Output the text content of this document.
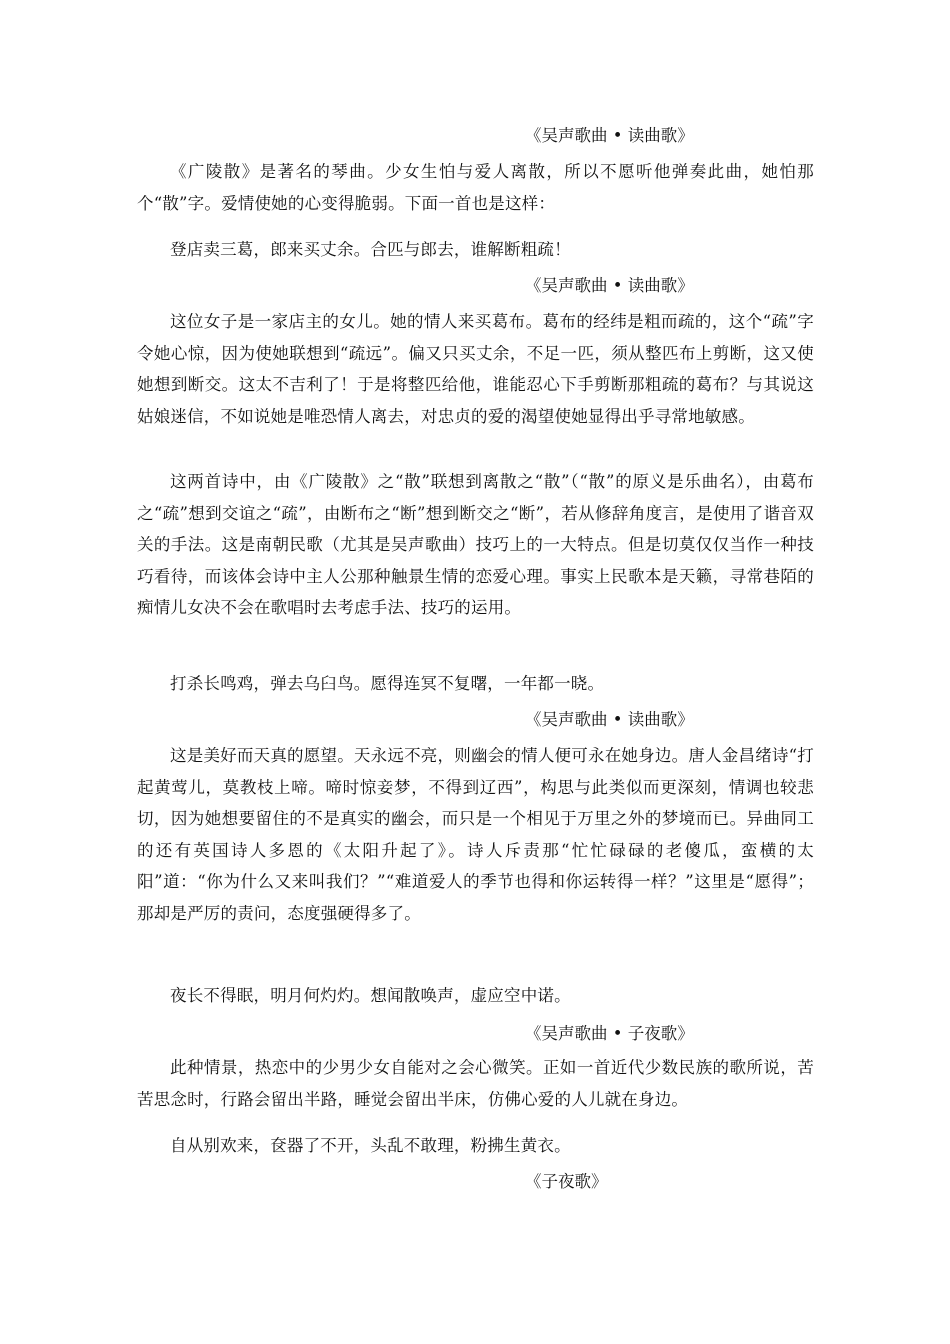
《吴声歌曲 • 读曲歌》
《广陵散》是著名的琴曲。少女生怕与爱人离散，所以不愿听他弹奏此曲，她怕那个“散”字。爱情使她的心变得脆弱。下面一首也是这样：
登店卖三葛，郎来买丈余。合匹与郎去，谁解断粗疏！
《吴声歌曲 • 读曲歌》
这位女子是一家店主的女儿。她的情人来买葛布。葛布的经纬是粗而疏的，这个“疏”字令她心惊，因为使她联想到“疏远”。偏又只买丈余，不足一匹，须从整匹布上剪断，这又使她想到断交。这太不吉利了！于是将整匹给他，谁能忍心下手剪断那粗疏的葛布？与其说这姑娘迷信，不如说她是唯恐情人离去，对忠贞的爱的渴望使她显得出乎寻常地敏感。
这两首诗中，由《广陵散》之“散”联想到离散之“散”（“散”的原义是乐曲名），由葛布之“疏”想到交谊之“疏”，由断布之“断”想到断交之“断”，若从修辞角度言，是使用了谐音双关的手法。这是南朝民歌（尤其是吴声歌曲）技巧上的一大特点。但是切莫仅仅当作一种技巧看待，而该体会诗中主人公那种触景生情的恋爱心理。事实上民歌本是天籁，寻常巷陌的痴情儿女决不会在歌唱时去考虑手法、技巧的运用。
打杀长鸣鸡，弹去乌臼鸟。愿得连冥不复曙，一年都一晓。
《吴声歌曲 • 读曲歌》
这是美好而天真的愿望。天永远不亮，则幽会的情人便可永在她身边。唐人金昌绪诗“打起黄莺儿，莫教枝上啼。啼时惊妾梦，不得到辽西”，构思与此类似而更深刻，情调也较悲切，因为她想要留住的不是真实的幽会，而只是一个相见于万里之外的梦境而已。异曲同工的还有英国诗人多恩的《太阳升起了》。诗人斥责那“忙忙碌碌的老傻瓜，蛮横的太阳”道：“你为什么又来叫我们？”“难道爱人的季节也得和你运转得一样？”这里是“愿得”；那却是严厉的责问，态度强硬得多了。
夜长不得眠，明月何灼灼。想闻散唤声，虚应空中诺。
《吴声歌曲 • 子夜歌》
此种情景，热恋中的少男少女自能对之会心微笑。正如一首近代少数民族的歌所说，苦苦思念时，行路会留出半路，睡觉会留出半床，仿佛心爱的人儿就在身边。
自从别欢来，奁器了不开，头乱不敢理，粉拂生黄衣。
《子夜歌》
